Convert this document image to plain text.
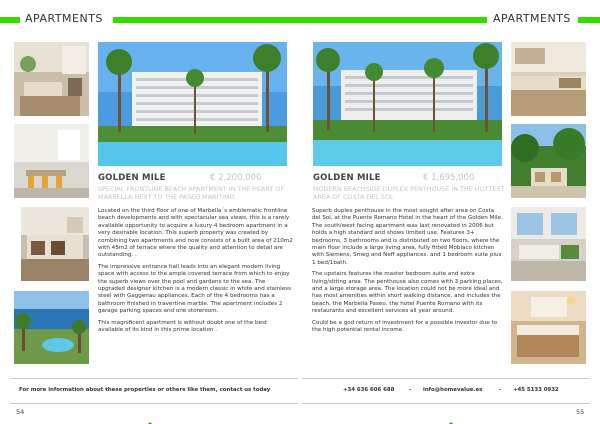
APARTMENTS
GOLDEN MILE	€ 2,200,000
SPECIAL FRONTLINE BEACH APARTMENT IN THE HEART OF MARBELLA NEXT TO THE PASEO MARITIMO

Located on the third floor of one of Marbella´s emblematic frontline beach developments and with spectacular sea views, this is a rarely available opportunity to acquire a luxury 4 bedroom apartment in a very desirable location. This superb property was created by combining two apartments and now consists of a built area of 210m2 with 45m2 of terrace where the quality and attention to detail are outstanding. .

The impressive entrance hall leads into an elegant modern living space with access to the ample covered terrace from which to enjoy the superb views over the pool and gardens to the sea. The upgraded designer kitchen is a modern classic in white and stainless steel with Gaggenau appliances. Each of the 4 bedrooms has a bathroom finished in travertine marble. The apartment includes 2 garage parking spaces and one storeroom.

This magnificent apartment is without doubt one of the best available of its kind in this prime location .

For more information about these properties or others like them, contact us today
54
APARTMENTS
GOLDEN MILE	€ 1,695,000
MODERN BEACHSIDE DUPLEX PENTHOUSE IN THE HOTTEST AREA OF COSTA DEL SOL

Superb duplex penthouse in the most sought after area on Costa del Sol, at the Puente Romano Hotel in the heart of the Golden Mile. The south/west facing apartment was last renovated in 2006 but holds a high standard and shows limited use. Features 3+ bedrooms, 3 bathrooms and is distributed on two floors, where the main floor include a large living area, fully fitted Mobiaco kitchen with Siemens, Smeg and Neff appliances. and 1 bedroom suite plus 1 bed/1bath.

The upstairs features the master bedroom suite and extra living/sitting area. The penthouse also comes with 3 parking places, and a large storage area. The location could not be more ideal and has most amenities within short walking distance, and includes the beach, the Marbella Paseo, the hotel Puente Romano with its restaurants and excellent services all year around.

Could be a god return of investment for a possible investor due to the high potential rental income.

+34 636 606 688	- info@homevalue.es	- +45 5133 0932
55
